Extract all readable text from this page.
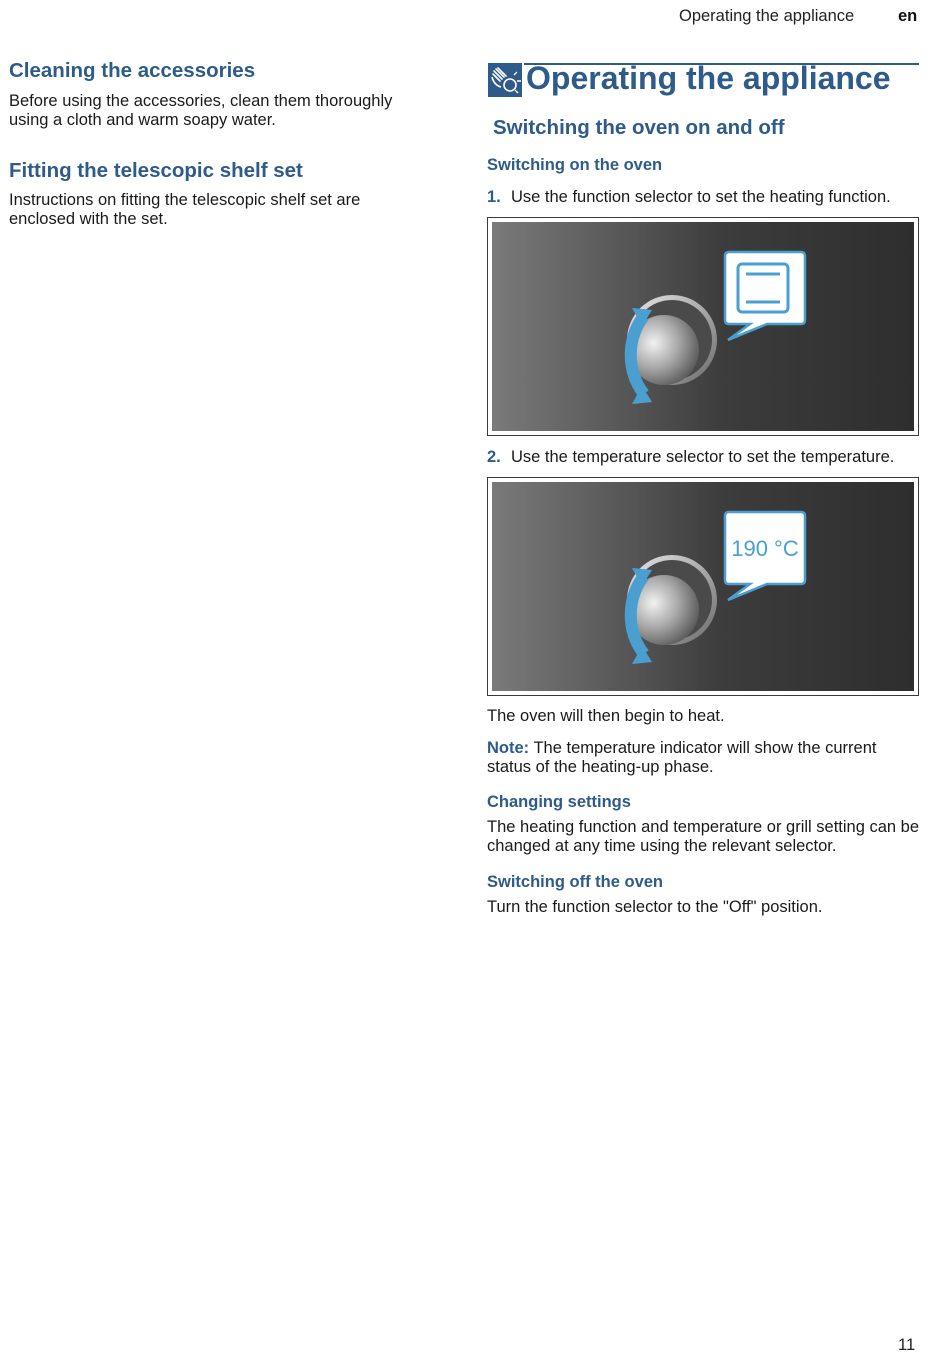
Operating the appliance	en
Cleaning the accessories

Before using the accessories, clean them thoroughly using a cloth and warm soapy water.

Fitting the telescopic shelf set

Instructions on fitting the telescopic shelf set are enclosed with the set.

Operating the appliance
Switching the oven on and off
Switching on the oven
1. Use the function selector to set the heating function.
2. Use the temperature selector to set the temperature.
190 °C

The oven will then begin to heat.

Note: The temperature indicator will show the current status of the heating-up phase.

Changing settings

The heating function and temperature or grill setting can be changed at any time using the relevant selector.

Switching off the oven

Turn the function selector to the "Off" position.

11
